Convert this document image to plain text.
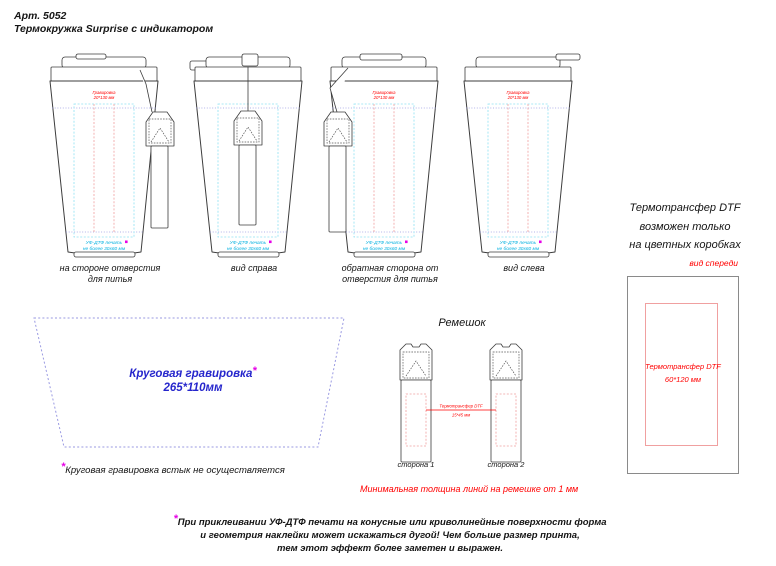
Арт. 5052
Термокружка Surprise с индикатором
Гравировка
20*130 мм
УФ-ДТФ печать
не более 30х60 мм
на стороне отверстия
для питья
УФ-ДТФ печать
не более 30х60 мм
вид справа
Гравировка
20*130 мм
УФ-ДТФ печать
не более 30х60 мм
обратная сторона от
отверстия для питья
Гравировка
20*130 мм
УФ-ДТФ печать
не более 30х60 мм
вид слева
Круговая гравировка*
265*110мм
*Круговая гравировка встык не осуществляется
Ремешок
Термотрансфер DTF
15*45 мм
сторона 1	сторона 2
Минимальная толщина линий на ремешке от 1 мм
Термотрансфер DTF
возможен только
на цветных коробках
вид спереди
Термотрансфер DTF
60*120 мм
*При приклеивании УФ-ДТФ печати на конусные или криволинейные поверхности форма
и геометрия наклейки может искажаться дугой! Чем больше размер принта,
тем этот эффект более заметен и выражен.
